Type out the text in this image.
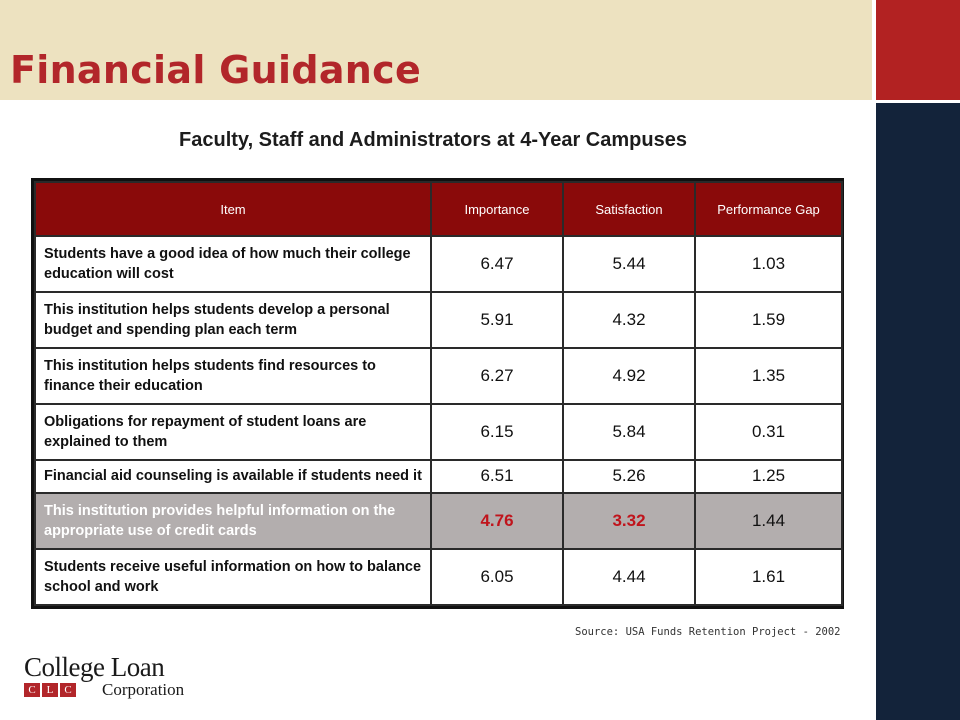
Financial Guidance
Faculty, Staff and Administrators at 4-Year Campuses
Item	Importance	Satisfaction	Performance Gap
Students have a good idea of how much their college education will cost	6.47	5.44	1.03
This institution helps students develop a personal budget and spending plan each term	5.91	4.32	1.59
This institution helps students find resources to finance their education	6.27	4.92	1.35
Obligations for repayment of student loans are explained to them	6.15	5.84	0.31
Financial aid counseling is available if students need it	6.51	5.26	1.25
This institution provides helpful information on the appropriate use of credit cards	4.76	3.32	1.44
Students receive useful information on how to balance school and work	6.05	4.44	1.61
Source: USA Funds Retention Project - 2002
College Loan
C L C Corporation
